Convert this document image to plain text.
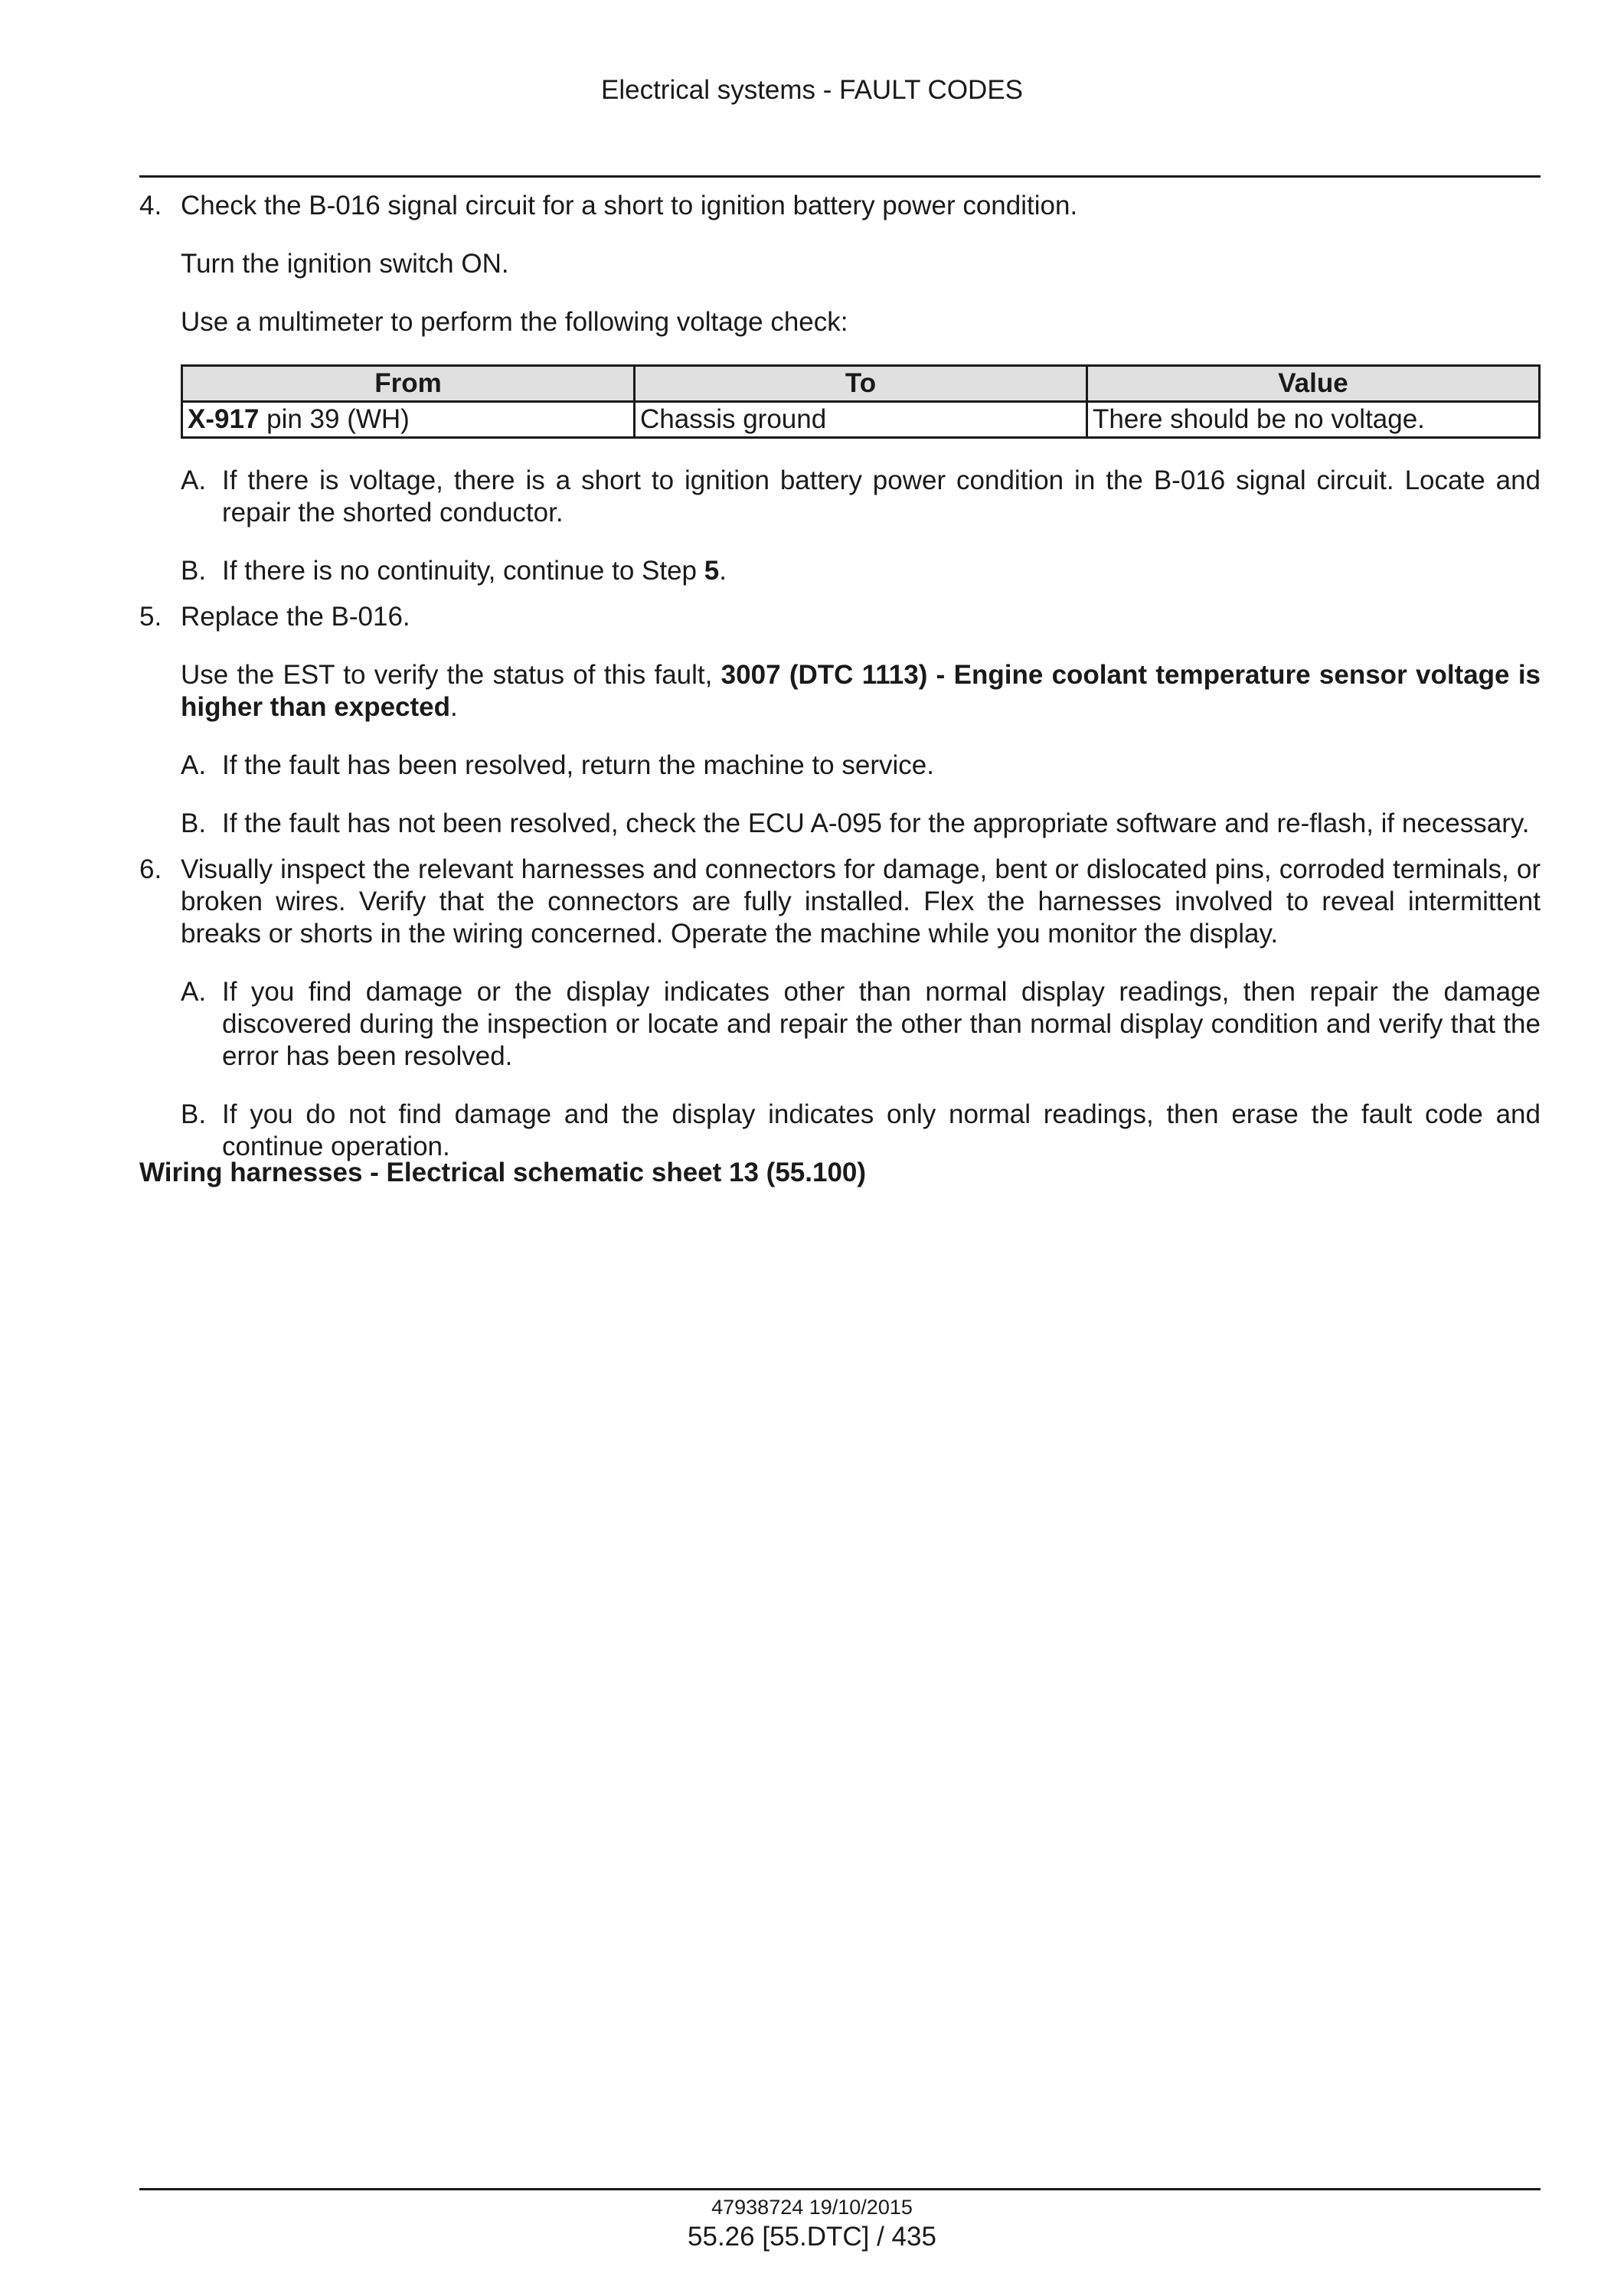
Electrical systems - FAULT CODES
4. Check the B-016 signal circuit for a short to ignition battery power condition.

Turn the ignition switch ON.

Use a multimeter to perform the following voltage check:

From	To	Value
X-917 pin 39 (WH)	Chassis ground	There should be no voltage.
A. If there is voltage, there is a short to ignition battery power condition in the B-016 signal circuit. Locate and repair the shorted conductor.
B. If there is no continuity, continue to Step 5.
5. Replace the B-016.

Use the EST to verify the status of this fault, 3007 (DTC 1113) - Engine coolant temperature sensor voltage is higher than expected.

A. If the fault has been resolved, return the machine to service.
B. If the fault has not been resolved, check the ECU A-095 for the appropriate software and re-flash, if necessary.
6. Visually inspect the relevant harnesses and connectors for damage, bent or dislocated pins, corroded terminals, or broken wires. Verify that the connectors are fully installed. Flex the harnesses involved to reveal intermittent breaks or shorts in the wiring concerned. Operate the machine while you monitor the display.

A. If you find damage or the display indicates other than normal display readings, then repair the damage discovered during the inspection or locate and repair the other than normal display condition and verify that the error has been resolved.
B. If you do not find damage and the display indicates only normal readings, then erase the fault code and continue operation.
Wiring harnesses - Electrical schematic sheet 13 (55.100)
47938724 19/10/2015
55.26 [55.DTC] / 435
